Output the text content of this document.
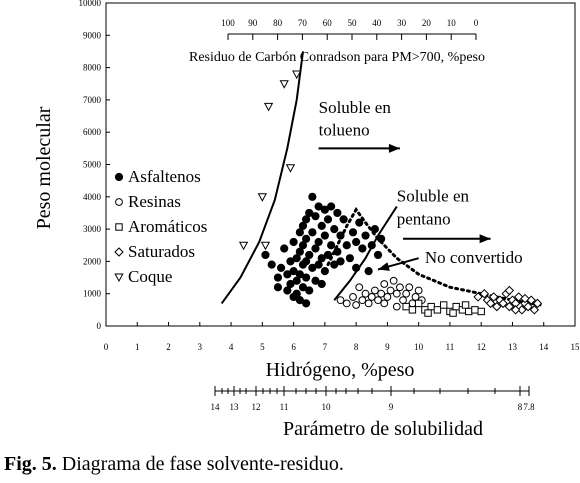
Soluble en
tolueno
Soluble en
pentano
No convertido
0	1	2	3	4	5	6	7	8	9	10 11 12 13 14 15
0
1000
2000
3000
4000
5000
6000
7000
8000
9000
10000
100 90 80 70 60 50 40 30 20 10 0
14 13 12 11	10	9	8 7.8
Asfaltenos
Resinas
Aromáticos
Saturados
Coque
Hidrógeno, %peso
Peso molecular
Residuo de Carbón Conradson para PM>700, %peso
Parámetro de solubilidad
Fig. 5. Diagrama de fase solvente-residuo.
